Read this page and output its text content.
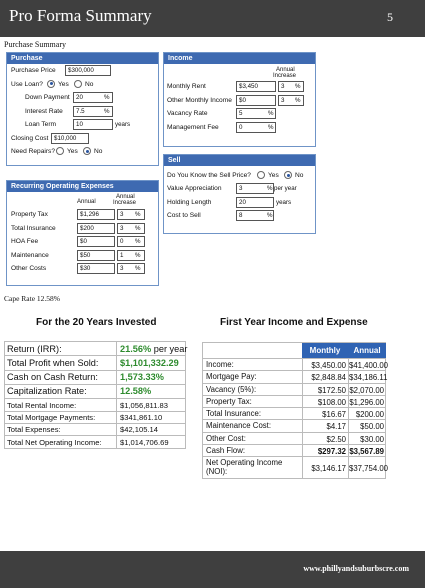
Pro Forma Summary	5
Purchase Summary
Purchase
Purchase Price	$300,000
Use Loan? Yes No
Down Payment	20	%
Interest Rate	7.5	%
Loan Term	10	years
Closing Cost $10,000
Need Repairs? Yes No
Recurring Operating Expenses
Annual
Annual
Increase
Property Tax	$1,296	3	%
Total Insurance	$200	3	%
HOA Fee	$0	0	%
Maintenance	$50	1	%
Other Costs	$30	3	%
Income
Annual
Increase
Monthly Rent	$3,450	3	%
Other Monthly Income	$0	3	%
Vacancy Rate	5	%
Management Fee	0	%
Sell
Do You Know the Sell Price?	Yes No
Value Appreciation	3	% per year
Holding Length	20	years
Cost to Sell	8	%
Cape Rate 12.58%
For the 20 Years Invested
Return (IRR):	21.56% per year
Total Profit when Sold:	$1,101,332.29
Cash on Cash Return:	1,573.33%
Capitalization Rate:	12.58%
Total Rental Income:	$1,056,811.83
Total Mortgage Payments:	$341,861.10
Total Expenses:	$42,105.14
Total Net Operating Income:	$1,014,706.69
First Year Income and Expense
Monthly	Annual
Income:	$3,450.00 $41,400.00
Mortgage Pay:	$2,848.84 $34,186.11
Vacancy (5%):	$172.50 $2,070.00
Property Tax:	$108.00 $1,296.00
Total Insurance:	$16.67	$200.00
Maintenance Cost:	$4.17	$50.00
Other Cost:	$2.50	$30.00
Cash Flow:	$297.32 $3,567.89
Net Operating Income (NOI):	$3,146.17 $37,754.00
www.phillyandsuburbscre.com
